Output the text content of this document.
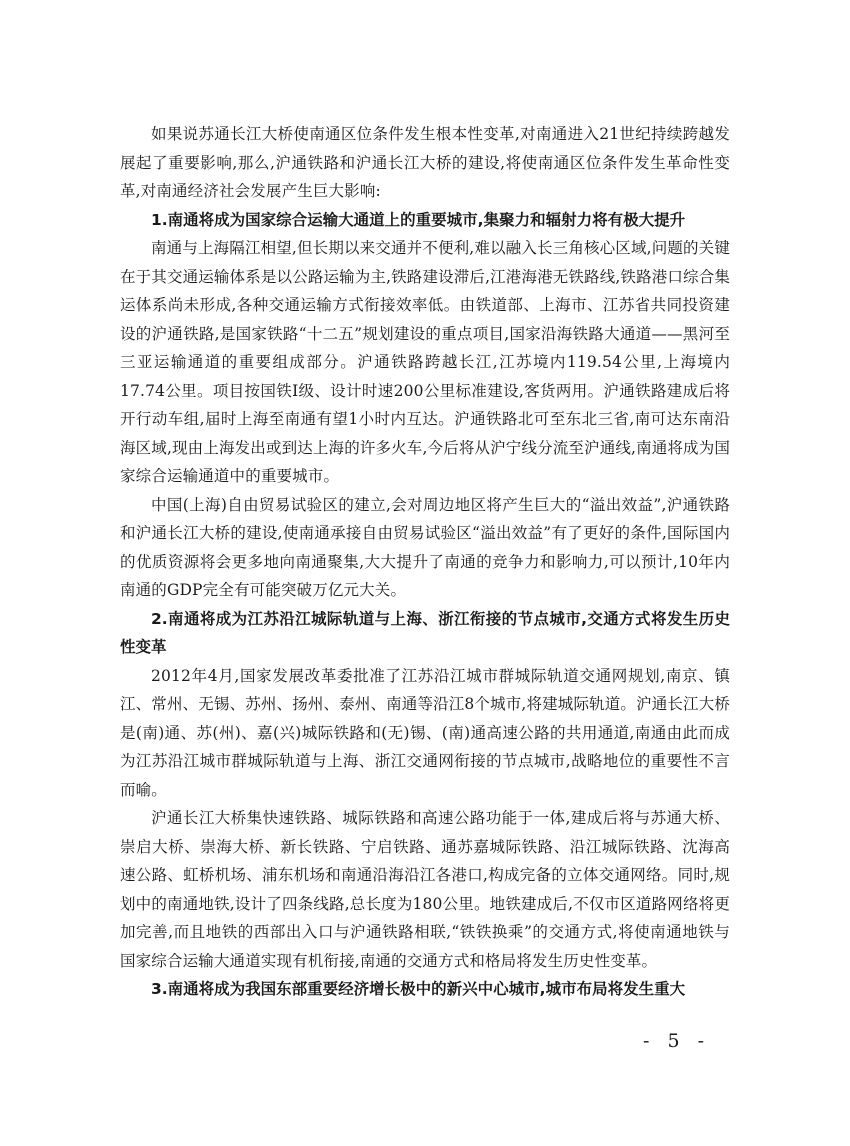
如果说苏通长江大桥使南通区位条件发生根本性变革,对南通进入21世纪持续跨越发展起了重要影响,那么,沪通铁路和沪通长江大桥的建设,将使南通区位条件发生革命性变革,对南通经济社会发展产生巨大影响:

1.南通将成为国家综合运输大通道上的重要城市,集聚力和辐射力将有极大提升

南通与上海隔江相望,但长期以来交通并不便利,难以融入长三角核心区域,问题的关键在于其交通运输体系是以公路运输为主,铁路建设滞后,江港海港无铁路线,铁路港口综合集运体系尚未形成,各种交通运输方式衔接效率低。由铁道部、上海市、江苏省共同投资建设的沪通铁路,是国家铁路“十二五”规划建设的重点项目,国家沿海铁路大通道——黑河至三亚运输通道的重要组成部分。沪通铁路跨越长江,江苏境内119.54公里,上海境内17.74公里。项目按国铁Ⅰ级、设计时速200公里标准建设,客货两用。沪通铁路建成后将开行动车组,届时上海至南通有望1小时内互达。沪通铁路北可至东北三省,南可达东南沿海区域,现由上海发出或到达上海的许多火车,今后将从沪宁线分流至沪通线,南通将成为国家综合运输通道中的重要城市。

中国(上海)自由贸易试验区的建立,会对周边地区将产生巨大的“溢出效益”,沪通铁路和沪通长江大桥的建设,使南通承接自由贸易试验区“溢出效益”有了更好的条件,国际国内的优质资源将会更多地向南通聚集,大大提升了南通的竞争力和影响力,可以预计,10年内南通的GDP完全有可能突破万亿元大关。

2.南通将成为江苏沿江城际轨道与上海、浙江衔接的节点城市,交通方式将发生历史性变革

2012年4月,国家发展改革委批准了江苏沿江城市群城际轨道交通网规划,南京、镇江、常州、无锡、苏州、扬州、泰州、南通等沿江8个城市,将建城际轨道。沪通长江大桥是(南)通、苏(州)、嘉(兴)城际铁路和(无)锡、(南)通高速公路的共用通道,南通由此而成为江苏沿江城市群城际轨道与上海、浙江交通网衔接的节点城市,战略地位的重要性不言而喻。

沪通长江大桥集快速铁路、城际铁路和高速公路功能于一体,建成后将与苏通大桥、崇启大桥、崇海大桥、新长铁路、宁启铁路、通苏嘉城际铁路、沿江城际铁路、沈海高速公路、虹桥机场、浦东机场和南通沿海沿江各港口,构成完备的立体交通网络。同时,规划中的南通地铁,设计了四条线路,总长度为180公里。地铁建成后,不仅市区道路网络将更加完善,而且地铁的西部出入口与沪通铁路相联,“铁铁换乘”的交通方式,将使南通地铁与国家综合运输大通道实现有机衔接,南通的交通方式和格局将发生历史性变革。

3.南通将成为我国东部重要经济增长极中的新兴中心城市,城市布局将发生重大

- 5 -
